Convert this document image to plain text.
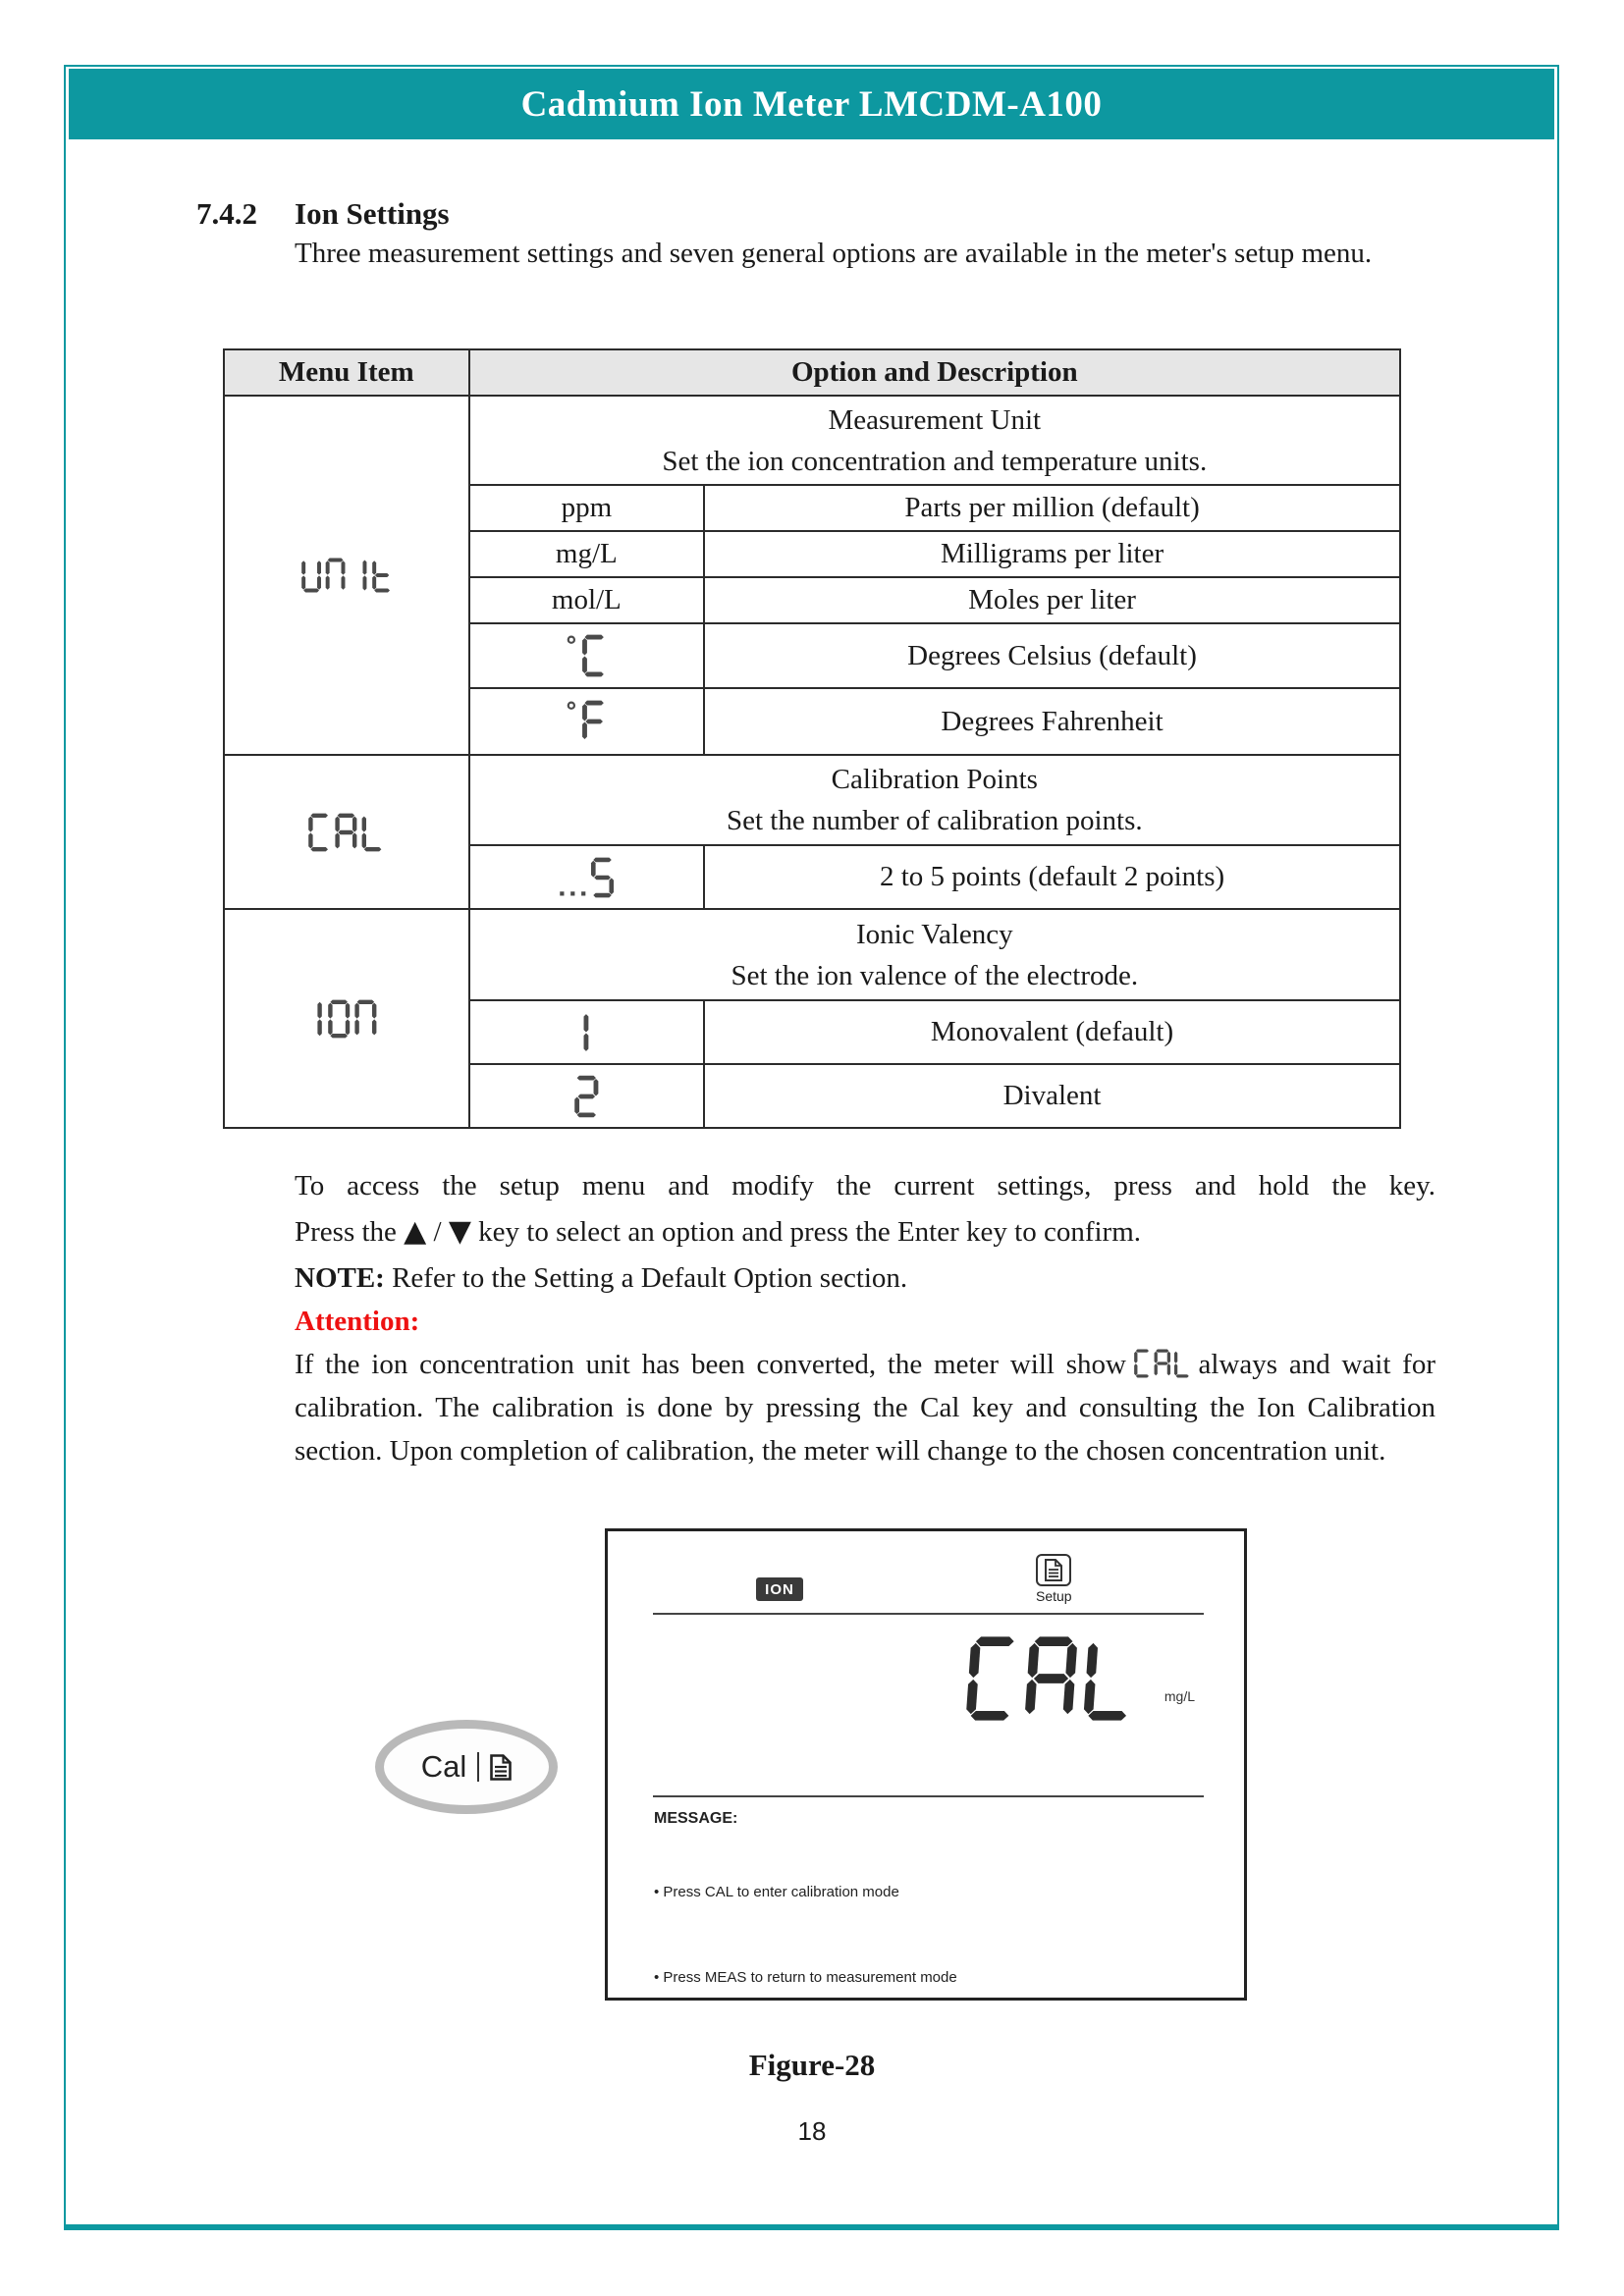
Cadmium Ion Meter LMCDM-A100
7.4.2 Ion Settings
Three measurement settings and seven general options are available in the meter's setup menu.
Menu Item	Option and Description	

Measurement Unit
Set the ion concentration and temperature units.	

	ppm	Parts per million (default)
	mg/L	Milligrams per liter
	mol/L	Moles per liter

	Degrees Celsius (default)

	Degrees Fahrenheit

Calibration Points
Set the number of calibration points.	

	2 to 5 points (default 2 points)

Ionic Valency
Set the ion valence of the electrode.	

	Monovalent (default)

	Divalent

To access the setup menu and modify the current settings, press and hold the key.

Press the ▲ / ▼ key to select an option and press the Enter key to confirm.

NOTE: Refer to the Setting a Default Option section.

Attention:

If the ion concentration unit has been converted, the meter will show	always and wait for calibration. The calibration is done by pressing the Cal key and consulting the Ion Calibration section. Upon completion of calibration, the meter will change to the chosen concentration unit.

Cal
ION	Setup
mg/L
MESSAGE:
• Press CAL to enter calibration mode
• Press MEAS to return to measurement mode
Figure-28
18
